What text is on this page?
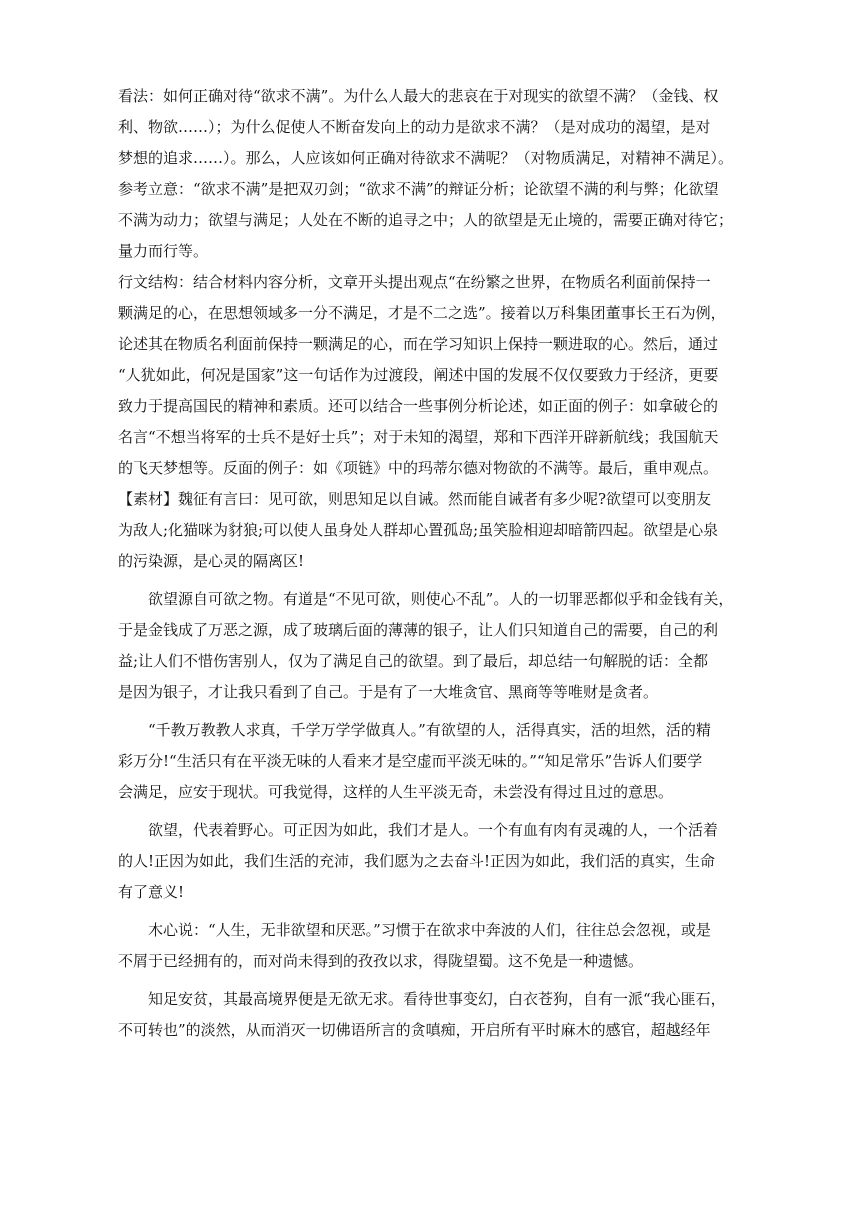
看法：如何正确对待“欲求不满”。为什么人最大的悲哀在于对现实的欲望不满？（金钱、权
利、物欲……）；为什么促使人不断奋发向上的动力是欲求不满？（是对成功的渴望，是对
梦想的追求……）。那么，人应该如何正确对待欲求不满呢？（对物质满足，对精神不满足）。
参考立意：“欲求不满”是把双刃剑；“欲求不满”的辩证分析；论欲望不满的利与弊；化欲望
不满为动力；欲望与满足；人处在不断的追寻之中；人的欲望是无止境的，需要正确对待它；
量力而行等。
行文结构：结合材料内容分析，文章开头提出观点“在纷繁之世界，在物质名利面前保持一
颗满足的心，在思想领域多一分不满足，才是不二之选”。接着以万科集团董事长王石为例，
论述其在物质名利面前保持一颗满足的心，而在学习知识上保持一颗进取的心。然后，通过
“人犹如此，何况是国家”这一句话作为过渡段，阐述中国的发展不仅仅要致力于经济，更要
致力于提高国民的精神和素质。还可以结合一些事例分析论述，如正面的例子：如拿破仑的
名言“不想当将军的士兵不是好士兵”；对于未知的渴望，郑和下西洋开辟新航线；我国航天
的飞天梦想等。反面的例子：如《项链》中的玛蒂尔德对物欲的不满等。最后，重申观点。
【素材】魏征有言曰：见可欲，则思知足以自诫。然而能自诫者有多少呢?欲望可以变朋友
为敌人;化猫咪为豺狼;可以使人虽身处人群却心置孤岛;虽笑脸相迎却暗箭四起。欲望是心泉
的污染源，是心灵的隔离区!
欲望源自可欲之物。有道是“不见可欲，则使心不乱”。人的一切罪恶都似乎和金钱有关，
于是金钱成了万恶之源，成了玻璃后面的薄薄的银子，让人们只知道自己的需要，自己的利
益;让人们不惜伤害别人，仅为了满足自己的欲望。到了最后，却总结一句解脱的话：全都
是因为银子，才让我只看到了自己。于是有了一大堆贪官、黑商等等唯财是贪者。
“千教万教教人求真，千学万学学做真人。”有欲望的人，活得真实，活的坦然，活的精
彩万分!“生活只有在平淡无味的人看来才是空虚而平淡无味的。”“知足常乐”告诉人们要学
会满足，应安于现状。可我觉得，这样的人生平淡无奇，未尝没有得过且过的意思。
欲望，代表着野心。可正因为如此，我们才是人。一个有血有肉有灵魂的人，一个活着
的人!正因为如此，我们生活的充沛，我们愿为之去奋斗!正因为如此，我们活的真实，生命
有了意义!
木心说：“人生，无非欲望和厌恶。”习惯于在欲求中奔波的人们，往往总会忽视，或是
不屑于已经拥有的，而对尚未得到的孜孜以求，得陇望蜀。这不免是一种遗憾。
知足安贫，其最高境界便是无欲无求。看待世事变幻，白衣苍狗，自有一派“我心匪石，
不可转也”的淡然，从而消灭一切佛语所言的贪嗔痴，开启所有平时麻木的感官，超越经年
